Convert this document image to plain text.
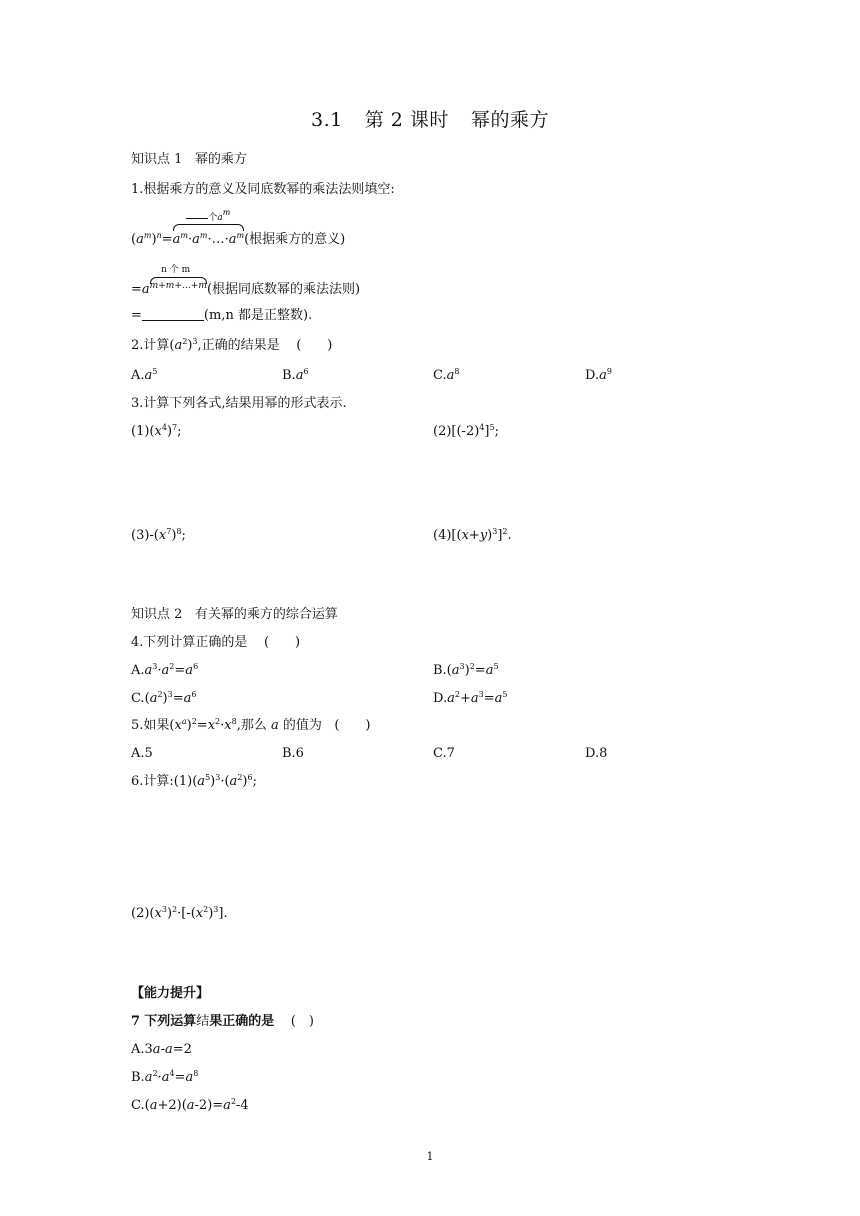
3.1 第 2 课时 幂的乘方
知识点 1 幂的乘方
1.根据乘方的意义及同底数幂的乘法法则填空:
$(a^m)^n=$
个$a^m$
$a^m\cdot a^m\cdot\dots\cdot a^m$(根据乘方的意义)
=a
$^{n 个 m m+m+\dots+m}$(根据同底数幂的乘法法则)
=	(m,n 都是正整数).
2.计算$(a^2)^3$,正确的结果是 (　　)
$A.a^5$	$B.a^6$	$C.a^8$	$D.a^9$
3.计算下列各式,结果用幂的形式表示.
$(1)(x^4)^7$;	$(2)[(-2)^4]^5$;
$(3)-(x^7)^8$;	$(4)[(x+y)^3]^2$.
知识点 2 有关幂的乘方的综合运算
4.下列计算正确的是 (　　)
$A.a^3\cdot a^2=a^6$	$B.(a^3)^2=a^5$
$C.(a^2)^3=a^6$	$D.a^2+a^3=a^5$
5.如果$(x^a)^2=x^2\cdot x^8$,那么 a 的值为 (　　)
A.5	B.6	C.7	D.8
6.计算$:(1)(a^5)^3\cdot(a^2)^6$;
$(2)(x^3)^2\cdot[-(x^2)^3]$.
【能力提升】
7 下列运算结果正确的是 (　)
A.3a-a=2
$B.a^2\cdot a^4=a^8$
$C.(a+2)(a-2)=a^2-4$
1
